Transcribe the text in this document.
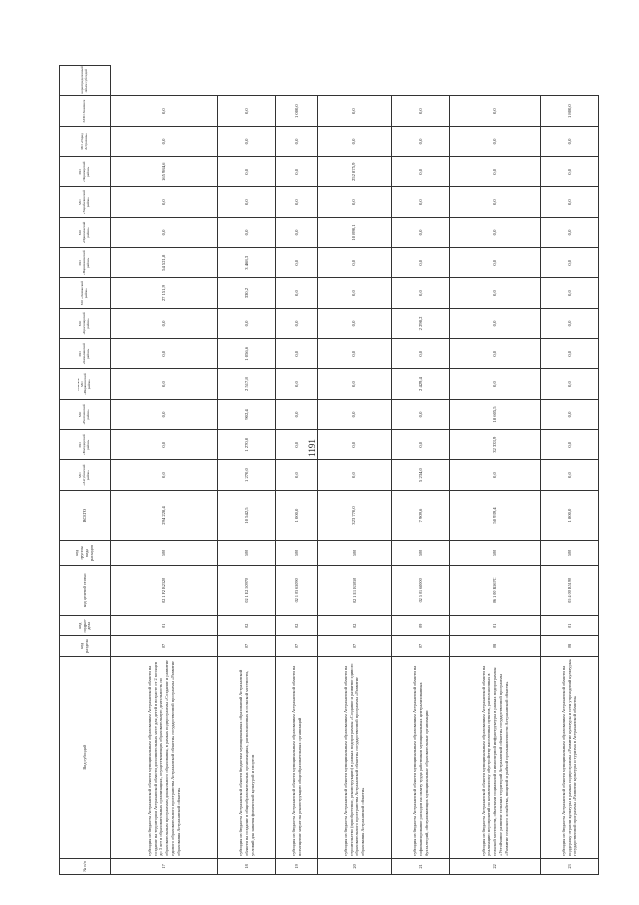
1191
№ п/п	Вид субсидий	код раздела	код подраз-дела	код целевой статьи	код группы вида расходов	ВСЕГО	МО «Ахтубинский район»	МО «Володарский район»	МО «Енотаевский район»	в том числе: МО «Икрянинский район»	МО «Камызякский район»	МО «Красноярский район»	МО «Лиманский район»	МО «Наримановский район»	МО «Приволжский район»	МО «Харабалинский район»	МО «Черноярский район»	МО «Город Астрахань»	ЗАТО Знаменск	нераспределенный объем субсидий
17	субсидия из бюджета Астраханской области муниципальным образованиям Астраханской области на создание на территории Астраханской области дополнительных мест для детей в возрасте от 2 месяцев до 3 лет в образовательных организациях, осуществляющих образовательную деятельность по образовательным программам дошкольного образования, в рамках подпрограммы «Создание и развитие единого образовательного пространства Астраханской области» государственной программы «Развитие образования Астраханской области»	07	01	02 1 Р2 R2320	500	294 228,4	0,0	0,0	0,0	0,0	0,0	0,0	27 151,9	54 521,8	0,0	0,0	165 984,6	0,0	0,0	
18	субсидия из бюджета Астраханской области бюджетам муниципальных образований Астраханской области на создание в общеобразовательных организациях, расположенных в сельской местности, условий для занятия физической культурой и спортом	07	02	02 1 Е2 50970	500	10 542,5	1 270,0	1 270,0	902,4	2 517,8	1 056,6	0,0	330,2	3 468,3	0,0	0,0	0,0	0,0	0,0	
19	субсидия из бюджета Астраханской области муниципальным образованиям Астраханской области на возмещение затрат на реконструкцию общеобразовательных организаций	07	02	02 1 03 63090	500	1 000,0	0,0	0,0	0,0	0,0	0,0	0,0	0,0	0,0	0,0	0,0	0,0	0,0	1 000,0	
20	субсидия из бюджета Астраханской области муниципальным образованиям Астраханской области на строительство (приобретение, реконструкцию) в рамках подпрограммы «Создание и развитие единого образовательного пространства Астраханской области» государственной программы «Развитие образования Астраханской области»	07	02	02 1 E1 R3050	500	323 770,0	0,0	0,0	0,0	0,0	0,0	0,0	0,0	0,0	10 890,1	0,0	252 875,9	0,0	0,0	
21	субсидия из бюджета Астраханской области муниципальным образованиям Астраханской области на софинансирование расходов на оплату труда работников муниципальных централизованных бухгалтерий, обслуживающих муниципальные образовательные организации	07	09	02 5 01 60000	500	7 909,6	5 234,0	0,0	0,0	2 429,4	0,0	2 298,2	0,0	0,0	0,0	0,0	0,0	0,0	0,0	
22	субсидия из бюджета Астраханской области муниципальным образованиям Астраханской области на реализацию мероприятий по комплексному обустройству населенных пунктов, расположенных в сельской местности, объектами социальной и инженерной инфраструктуры в рамках подпрограммы «Устойчивое развитие сельских территорий Астраханской области» государственной программы «Развитие сельского хозяйства, пищевой и рыбной промышленности Астраханской области»	08	01	06 1 00 R567С	500	50 939,4	0,0	32 333,9	18 605,5	0,0	0,0	0,0	0,0	0,0	0,0	0,0	0,0	0,0	0,0	
23	субсидия из бюджета Астраханской области муниципальным образованиям Астраханской области на поддержку отрасли культуры в рамках подпрограммы «Развитие культуры и сети учреждений культуры» государственной программы «Развитие культуры и туризма в Астраханской области»	08	01	05 4 00 R5190	500	1 800,0	0,0	0,0	0,0	0,0	0,0	0,0	0,0	0,0	0,0	0,0	0,0	0,0	1 800,0	
